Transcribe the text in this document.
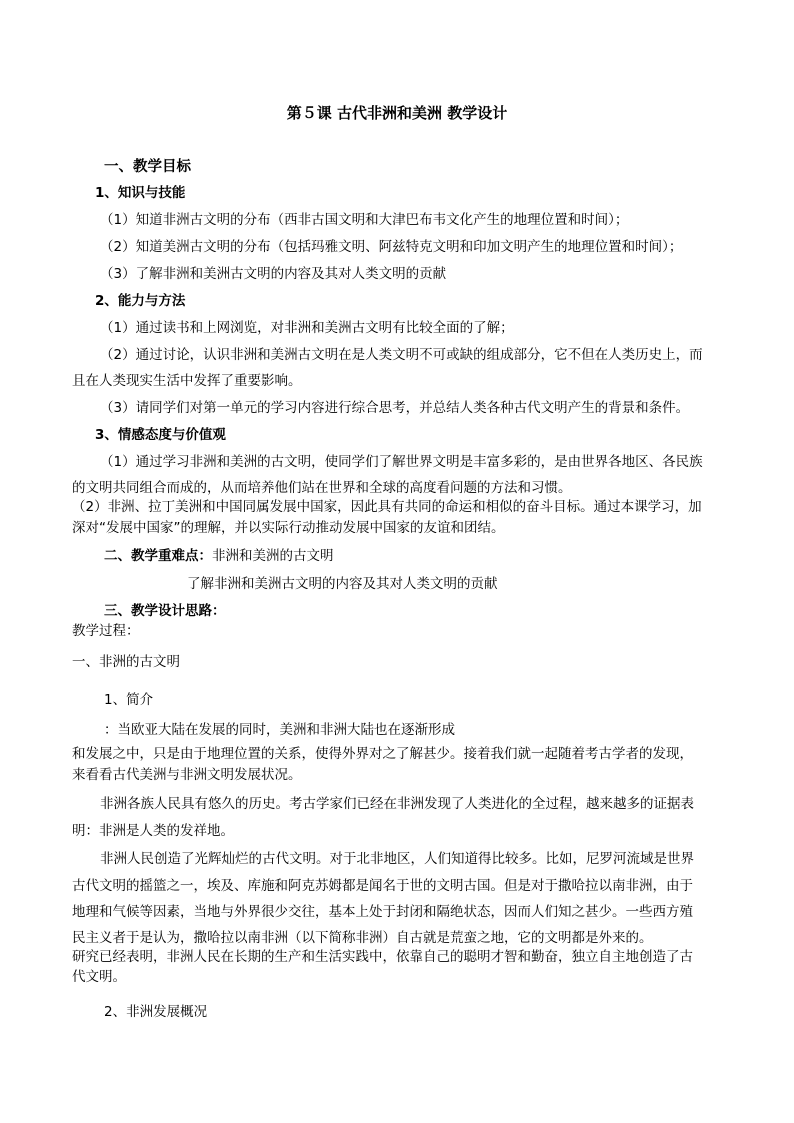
第５课 古代非洲和美洲 教学设计
一、教学目标
1、知识与技能
（1）知道非洲古文明的分布（西非古国文明和大津巴布韦文化产生的地理位置和时间）；
（2）知道美洲古文明的分布（包括玛雅文明、阿兹特克文明和印加文明产生的地理位置和时间）；
（3）了解非洲和美洲古文明的内容及其对人类文明的贡献
2、能力与方法
（1）通过读书和上网浏览，对非洲和美洲古文明有比较全面的了解；
（2）通过讨论，认识非洲和美洲古文明在是人类文明不可或缺的组成部分，它不但在人类历史上，而
且在人类现实生活中发挥了重要影响。
（3）请同学们对第一单元的学习内容进行综合思考，并总结人类各种古代文明产生的背景和条件。
3、情感态度与价值观
（1）通过学习非洲和美洲的古文明，使同学们了解世界文明是丰富多彩的，是由世界各地区、各民族
的文明共同组合而成的，从而培养他们站在世界和全球的高度看问题的方法和习惯。
（2）非洲、拉丁美洲和中国同属发展中国家，因此具有共同的命运和相似的奋斗目标。通过本课学习，加
深对“发展中国家”的理解，并以实际行动推动发展中国家的友谊和团结。
二、教学重难点：非洲和美洲的古文明
了解非洲和美洲古文明的内容及其对人类文明的贡献
三、教学设计思路：
教学过程：
一、非洲的古文明
1、简介
：当欧亚大陆在发展的同时，美洲和非洲大陆也在逐渐形成
和发展之中，只是由于地理位置的关系，使得外界对之了解甚少。接着我们就一起随着考古学者的发现，
来看看古代美洲与非洲文明发展状况。
非洲各族人民具有悠久的历史。考古学家们已经在非洲发现了人类进化的全过程，越来越多的证据表
明：非洲是人类的发祥地。
非洲人民创造了光辉灿烂的古代文明。对于北非地区，人们知道得比较多。比如，尼罗河流域是世界
古代文明的摇篮之一，埃及、库施和阿克苏姆都是闻名于世的文明古国。但是对于撒哈拉以南非洲，由于
地理和气候等因素，当地与外界很少交往，基本上处于封闭和隔绝状态，因而人们知之甚少。一些西方殖
民主义者于是认为，撒哈拉以南非洲（以下简称非洲）自古就是荒蛮之地，它的文明都是外来的。
研究已经表明，非洲人民在长期的生产和生活实践中，依靠自己的聪明才智和勤奋，独立自主地创造了古
代文明。
2、非洲发展概况
